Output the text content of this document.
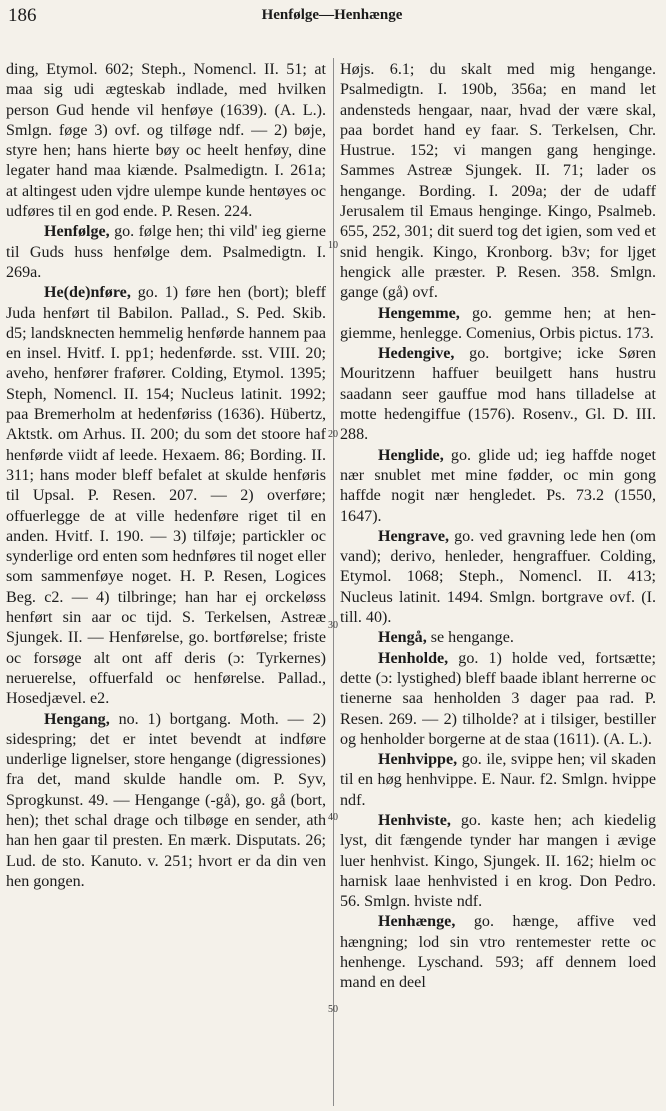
186	Henfølge—Henhænge
10
20
30
40
50

ding, Etymol. 602; Steph., Nomencl. II. 51; at maa sig udi ægteskab indlade, med hvilken person Gud hende vil henføye (1639). (A. L.). Smlgn. føge 3) ovf. og tilføge ndf. — 2) bøje, styre hen; hans hierte bøy oc heelt henføy, dine legater hand maa kiænde. Psalmedigtn. I. 261a; at altingest uden vjdre ulempe kunde hentøyes oc udføres til en god ende. P. Resen. 224.

Henfølge, go. følge hen; thi vild' ieg gierne til Guds huss henfølge dem. Psalmedigtn. I. 269a.

He(de)nføre, go. 1) føre hen (bort); bleff Juda henført til Babilon. Pallad., S. Ped. Skib. d5; landsknecten hemmelig henførde hannem paa en insel. Hvitf. I. pp1; hedenførde. sst. VIII. 20; aveho, henfører frafører. Colding, Etymol. 1395; Steph, Nomencl. II. 154; Nucleus latinit. 1992; paa Bremerholm at hedenføriss (1636). Hübertz, Aktstk. om Arhus. II. 200; du som det stoore haf henførde viidt af leede. Hexaem. 86; Bording. II. 311; hans moder bleff befalet at skulde henføris til Upsal. P. Resen. 207. — 2) overføre; offuerlegge de at ville hedenføre riget til en anden. Hvitf. I. 190. — 3) tilføje; partickler oc synderlige ord enten som hednføres til noget eller som sammenføye noget. H. P. Resen, Logices Beg. c2. — 4) tilbringe; han har ej orckeløss henført sin aar oc tijd. S. Terkelsen, Astreæ Sjungek. II. — Henførelse, go. bortførelse; friste oc forsøge alt ont aff deris (ɔ: Tyrkernes) neruerelse, offuerfald oc henførelse. Pallad., Hosedjævel. e2.

Hengang, no. 1) bortgang. Moth. — 2) sidespring; det er intet bevendt at indføre underlige lignelser, store hengange (digressiones) fra det, mand skulde handle om. P. Syv, Sprogkunst. 49. — Hengange (-gå), go. gå (bort, hen); thet schal drage och tilbøge en sender, ath han hen gaar til presten. En mærk. Disputats. 26; Lud. de sto. Kanuto. v. 251; hvort er da din ven hen gongen.

Højs. 6.1; du skalt med mig hengange. Psalmedigtn. I. 190b, 356a; en mand let andensteds hengaar, naar, hvad der være skal, paa bordet hand ey faar. S. Terkelsen, Chr. Hustrue. 152; vi mangen gang henginge. Sammes Astreæ Sjungek. II. 71; lader os hengange. Bording. I. 209a; der de udaff Jerusalem til Emaus henginge. Kingo, Psalmeb. 655, 252, 301; dit suerd tog det igien, som ved et snid hengik. Kingo, Kronborg. b3v; for ljget hengick alle præster. P. Resen. 358. Smlgn. gange (gå) ovf.

Hengemme, go. gemme hen; at hen-giemme, henlegge. Comenius, Orbis pictus. 173.

Hedengive, go. bortgive; icke Søren Mouritzenn haffuer beuilgett hans hustru saadann seer gauffue mod hans tilladelse at motte hedengiffue (1576). Rosenv., Gl. D. III. 288.

Henglide, go. glide ud; ieg haffde noget nær snublet met mine fødder, oc min gong haffde nogit nær hengledet. Ps. 73.2 (1550, 1647).

Hengrave, go. ved gravning lede hen (om vand); derivo, henleder, hengraffuer. Colding, Etymol. 1068; Steph., Nomencl. II. 413; Nucleus latinit. 1494. Smlgn. bortgrave ovf. (I. till. 40).

Hengå, se hengange.

Henholde, go. 1) holde ved, fortsætte; dette (ɔ: lystighed) bleff baade iblant herrerne oc tienerne saa henholden 3 dager paa rad. P. Resen. 269. — 2) tilholde? at i tilsiger, bestiller og henholder borgerne at de staa (1611). (A. L.).

Henhvippe, go. ile, svippe hen; vil skaden til en høg henhvippe. E. Naur. f2. Smlgn. hvippe ndf.

Henhviste, go. kaste hen; ach kiedelig lyst, dit fængende tynder har mangen i ævige luer henhvist. Kingo, Sjungek. II. 162; hielm oc harnisk laae henhvisted i en krog. Don Pedro. 56. Smlgn. hviste ndf.

Henhænge, go. hænge, affive ved hængning; lod sin vtro rentemester rette oc henhenge. Lyschand. 593; aff dennem loed mand en deel
